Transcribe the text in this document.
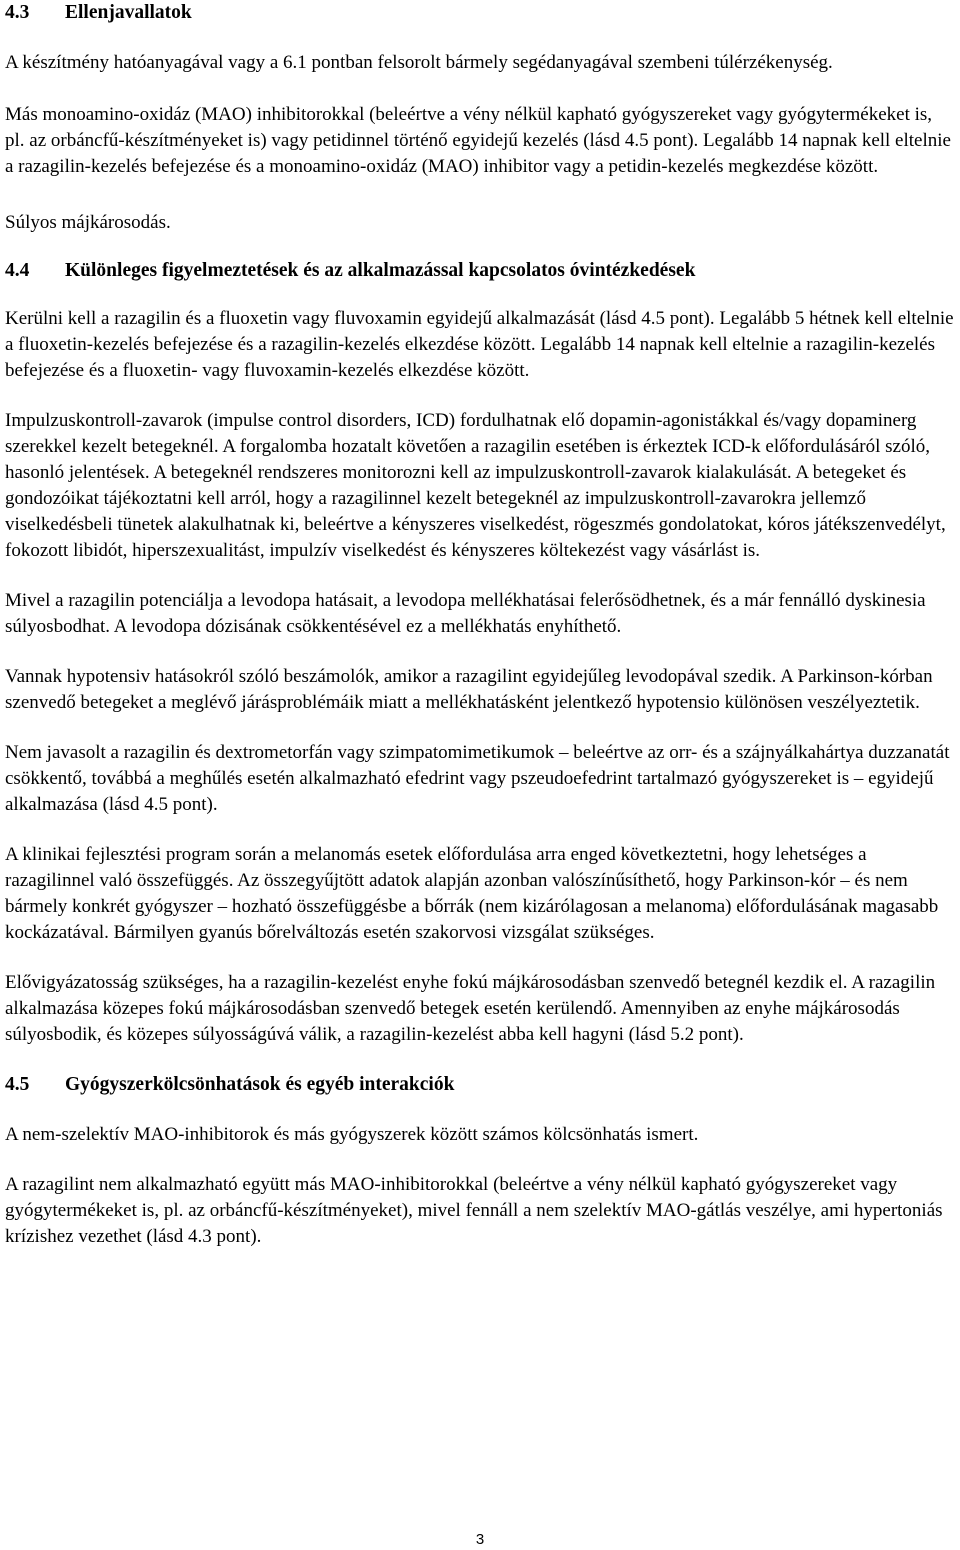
4.3	Ellenjavallatok

A készítmény hatóanyagával vagy a 6.1 pontban felsorolt bármely segédanyagával szembeni túlérzékenység.

Más monoamino-oxidáz (MAO) inhibitorokkal (beleértve a vény nélkül kapható gyógyszereket vagy gyógytermékeket is, pl. az orbáncfű-készítményeket is) vagy petidinnel történő egyidejű kezelés (lásd 4.5 pont). Legalább 14 napnak kell eltelnie a razagilin-kezelés befejezése és a monoamino-oxidáz (MAO) inhibitor vagy a petidin-kezelés megkezdése között.

Súlyos májkárosodás.

4.4	Különleges figyelmeztetések és az alkalmazással kapcsolatos óvintézkedések

Kerülni kell a razagilin és a fluoxetin vagy fluvoxamin egyidejű alkalmazását (lásd 4.5 pont). Legalább 5 hétnek kell eltelnie a fluoxetin-kezelés befejezése és a razagilin-kezelés elkezdése között. Legalább 14 napnak kell eltelnie a razagilin-kezelés befejezése és a fluoxetin- vagy fluvoxamin-kezelés elkezdése között.

Impulzuskontroll-zavarok (impulse control disorders, ICD) fordulhatnak elő dopamin-agonistákkal és/vagy dopaminerg szerekkel kezelt betegeknél. A forgalomba hozatalt követően a razagilin esetében is érkeztek ICD-k előfordulásáról szóló, hasonló jelentések. A betegeknél rendszeres monitorozni kell az impulzuskontroll-zavarok kialakulását. A betegeket és gondozóikat tájékoztatni kell arról, hogy a razagilinnel kezelt betegeknél az impulzuskontroll-zavarokra jellemző viselkedésbeli tünetek alakulhatnak ki, beleértve a kényszeres viselkedést, rögeszmés gondolatokat, kóros játékszenvedélyt, fokozott libidót, hiperszexualitást, impulzív viselkedést és kényszeres költekezést vagy vásárlást is.

Mivel a razagilin potenciálja a levodopa hatásait, a levodopa mellékhatásai felerősödhetnek, és a már fennálló dyskinesia súlyosbodhat. A levodopa dózisának csökkentésével ez a mellékhatás enyhíthető.

Vannak hypotensiv hatásokról szóló beszámolók, amikor a razagilint egyidejűleg levodopával szedik. A Parkinson-kórban szenvedő betegeket a meglévő járásproblémáik miatt a mellékhatásként jelentkező hypotensio különösen veszélyeztetik.

Nem javasolt a razagilin és dextrometorfán vagy szimpatomimetikumok – beleértve az orr- és a szájnyálkahártya duzzanatát csökkentő, továbbá a meghűlés esetén alkalmazható efedrint vagy pszeudoefedrint tartalmazó gyógyszereket is – egyidejű alkalmazása (lásd 4.5 pont).

A klinikai fejlesztési program során a melanomás esetek előfordulása arra enged következtetni, hogy lehetséges a razagilinnel való összefüggés. Az összegyűjtött adatok alapján azonban valószínűsíthető, hogy Parkinson-kór – és nem bármely konkrét gyógyszer – hozható összefüggésbe a bőrrák (nem kizárólagosan a melanoma) előfordulásának magasabb kockázatával. Bármilyen gyanús bőrelváltozás esetén szakorvosi vizsgálat szükséges.

Elővigyázatosság szükséges, ha a razagilin-kezelést enyhe fokú májkárosodásban szenvedő betegnél kezdik el. A razagilin alkalmazása közepes fokú májkárosodásban szenvedő betegek esetén kerülendő. Amennyiben az enyhe májkárosodás súlyosbodik, és közepes súlyosságúvá válik, a razagilin-kezelést abba kell hagyni (lásd 5.2 pont).

4.5	Gyógyszerkölcsönhatások és egyéb interakciók

A nem-szelektív MAO-inhibitorok és más gyógyszerek között számos kölcsönhatás ismert.

A razagilint nem alkalmazható együtt más MAO-inhibitorokkal (beleértve a vény nélkül kapható gyógyszereket vagy gyógytermékeket is, pl. az orbáncfű-készítményeket), mivel fennáll a nem szelektív MAO-gátlás veszélye, ami hypertoniás krízishez vezethet (lásd 4.3 pont).

3
